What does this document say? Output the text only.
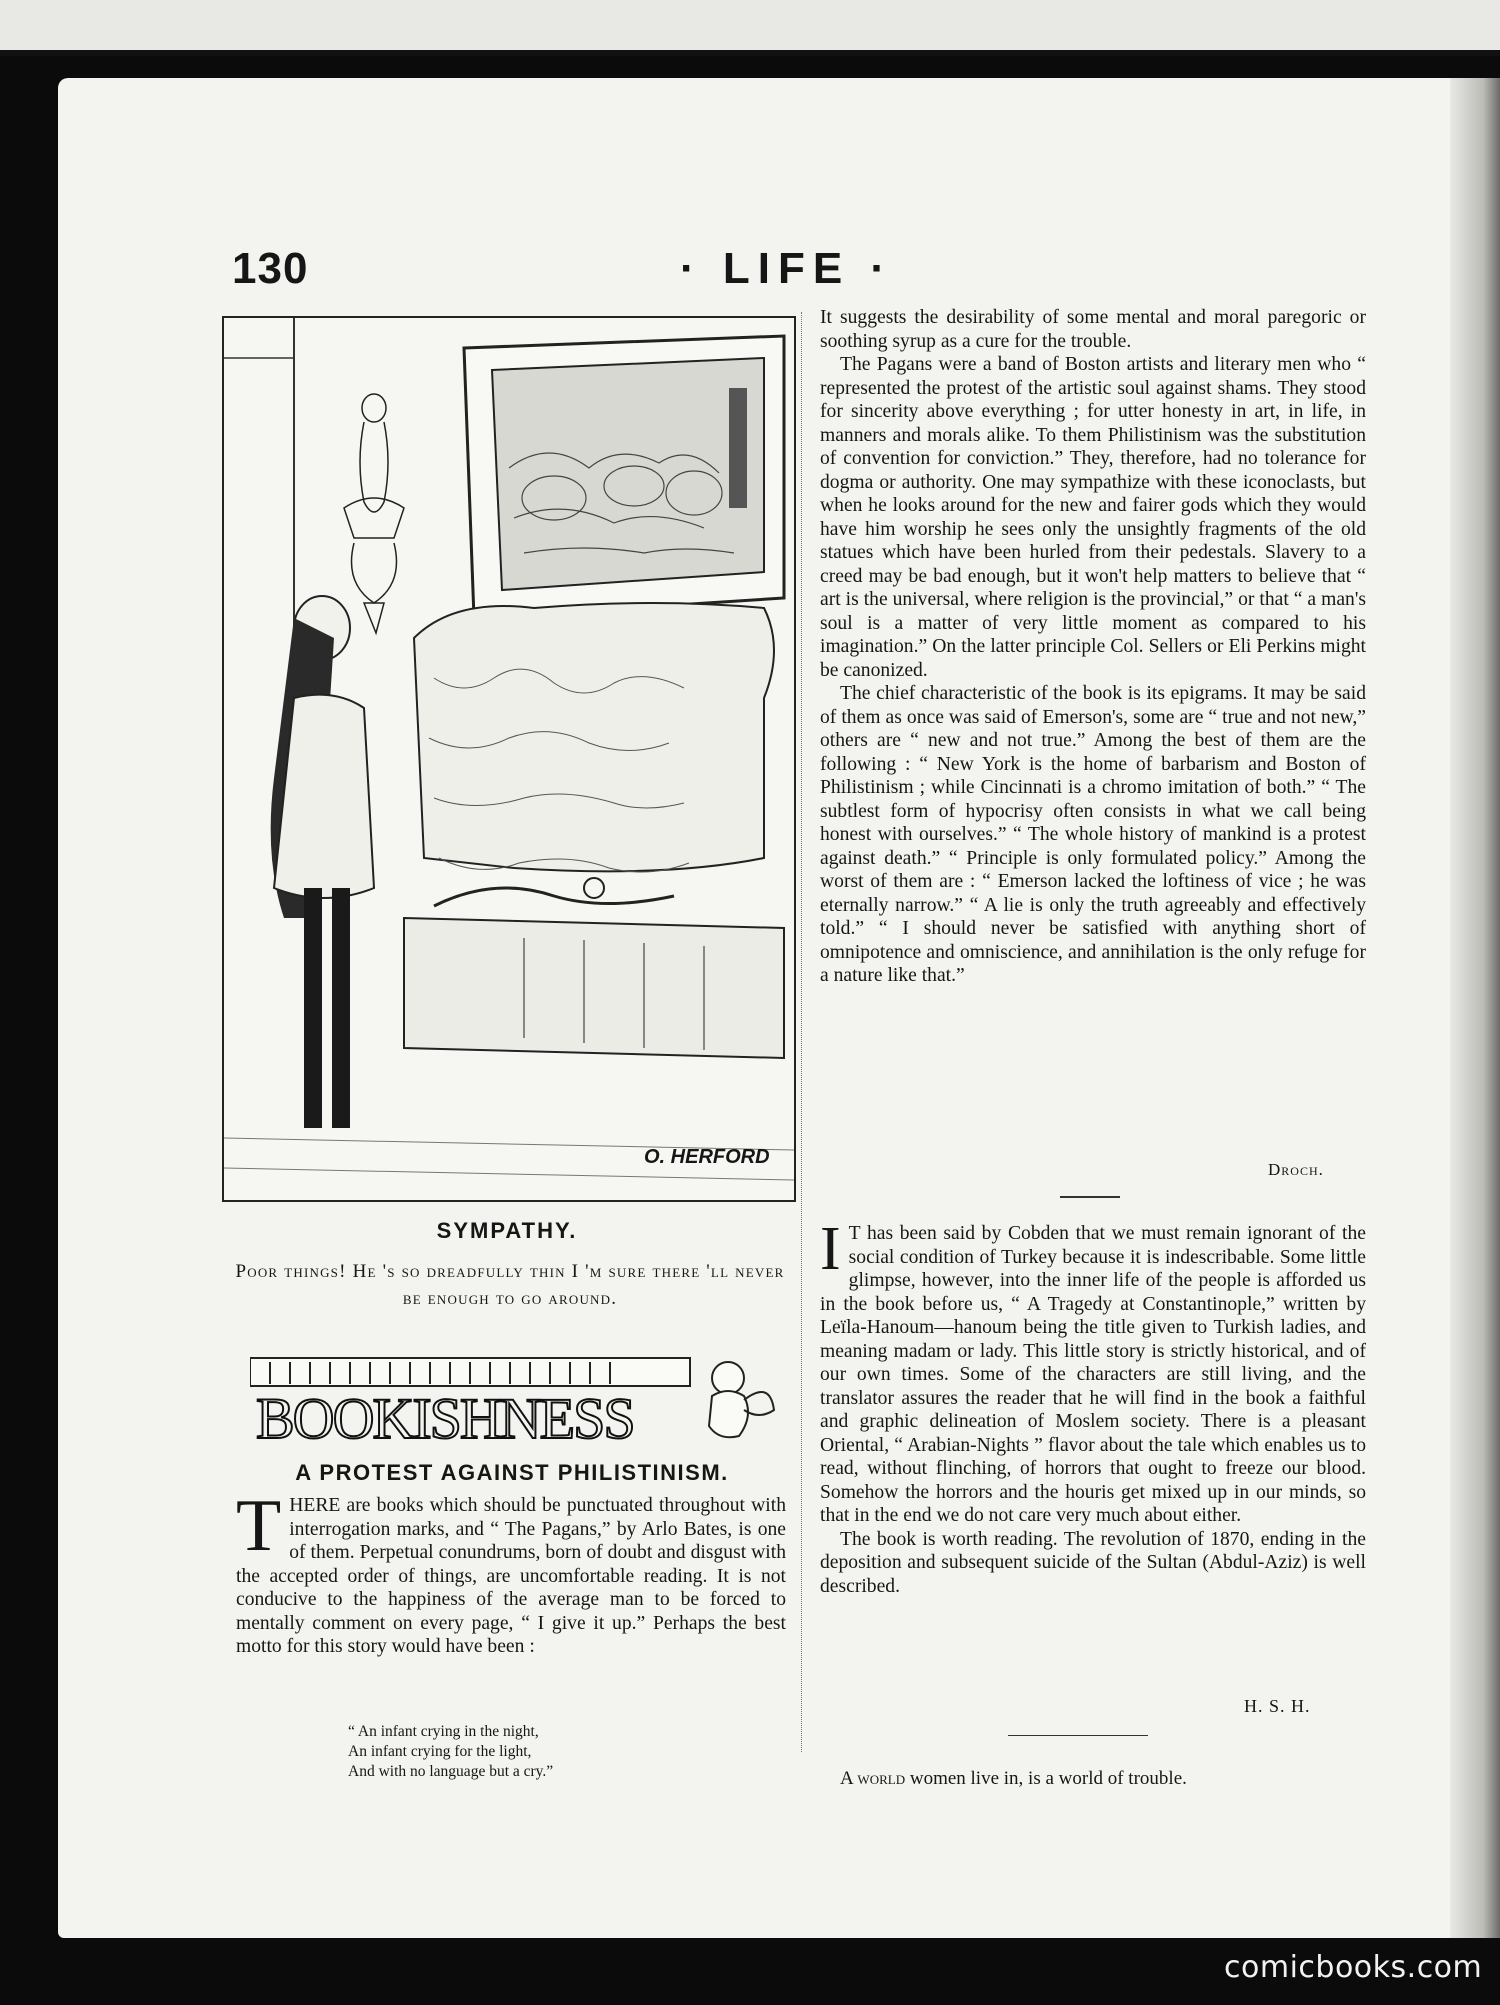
130	· LIFE ·
O. HERFORD
SYMPATHY.
Poor things! He 's so dreadfully thin I 'm sure there 'll never be enough to go around.
BOOKISHNESS
A PROTEST AGAINST PHILISTINISM.

THERE are books which should be punctuated throughout with interrogation marks, and “ The Pagans,” by Arlo Bates, is one of them. Perpetual conundrums, born of doubt and disgust with the accepted order of things, are uncomfortable reading. It is not conducive to the happiness of the average man to be forced to mentally comment on every page, “ I give it up.” Perhaps the best motto for this story would have been :

“ An infant crying in the night,
An infant crying for the light,
And with no language but a cry.”

It suggests the desirability of some mental and moral paregoric or soothing syrup as a cure for the trouble.

The Pagans were a band of Boston artists and literary men who “ represented the protest of the artistic soul against shams. They stood for sincerity above everything ; for utter honesty in art, in life, in manners and morals alike. To them Philistinism was the substitution of convention for conviction.” They, therefore, had no tolerance for dogma or authority. One may sympathize with these iconoclasts, but when he looks around for the new and fairer gods which they would have him worship he sees only the unsightly fragments of the old statues which have been hurled from their pedestals. Slavery to a creed may be bad enough, but it won't help matters to believe that “ art is the universal, where religion is the provincial,” or that “ a man's soul is a matter of very little moment as compared to his imagination.” On the latter principle Col. Sellers or Eli Perkins might be canonized.

The chief characteristic of the book is its epigrams. It may be said of them as once was said of Emerson's, some are “ true and not new,” others are “ new and not true.” Among the best of them are the following : “ New York is the home of barbarism and Boston of Philistinism ; while Cincinnati is a chromo imitation of both.” “ The subtlest form of hypocrisy often consists in what we call being honest with ourselves.” “ The whole history of mankind is a protest against death.” “ Principle is only formulated policy.” Among the worst of them are : “ Emerson lacked the loftiness of vice ; he was eternally narrow.” “ A lie is only the truth agreeably and effectively told.” “ I should never be satisfied with anything short of omnipotence and omniscience, and annihilation is the only refuge for a nature like that.”

Droch.

I T has been said by Cobden that we must remain ignorant of the social condition of Turkey because it is indescribable. Some little glimpse, however, into the inner life of the people is afforded us in the book before us, “ A Tragedy at Constantinople,” written by Leïla-Hanoum—hanoum being the title given to Turkish ladies, and meaning madam or lady. This little story is strictly historical, and of our own times. Some of the characters are still living, and the translator assures the reader that he will find in the book a faithful and graphic delineation of Moslem society. There is a pleasant Oriental, “ Arabian-Nights ” flavor about the tale which enables us to read, without flinching, of horrors that ought to freeze our blood. Somehow the horrors and the houris get mixed up in our minds, so that in the end we do not care very much about either.

The book is worth reading. The revolution of 1870, ending in the deposition and subsequent suicide of the Sultan (Abdul-Aziz) is well described.

H. S. H.
A world women live in, is a world of trouble.
comicbooks.com
